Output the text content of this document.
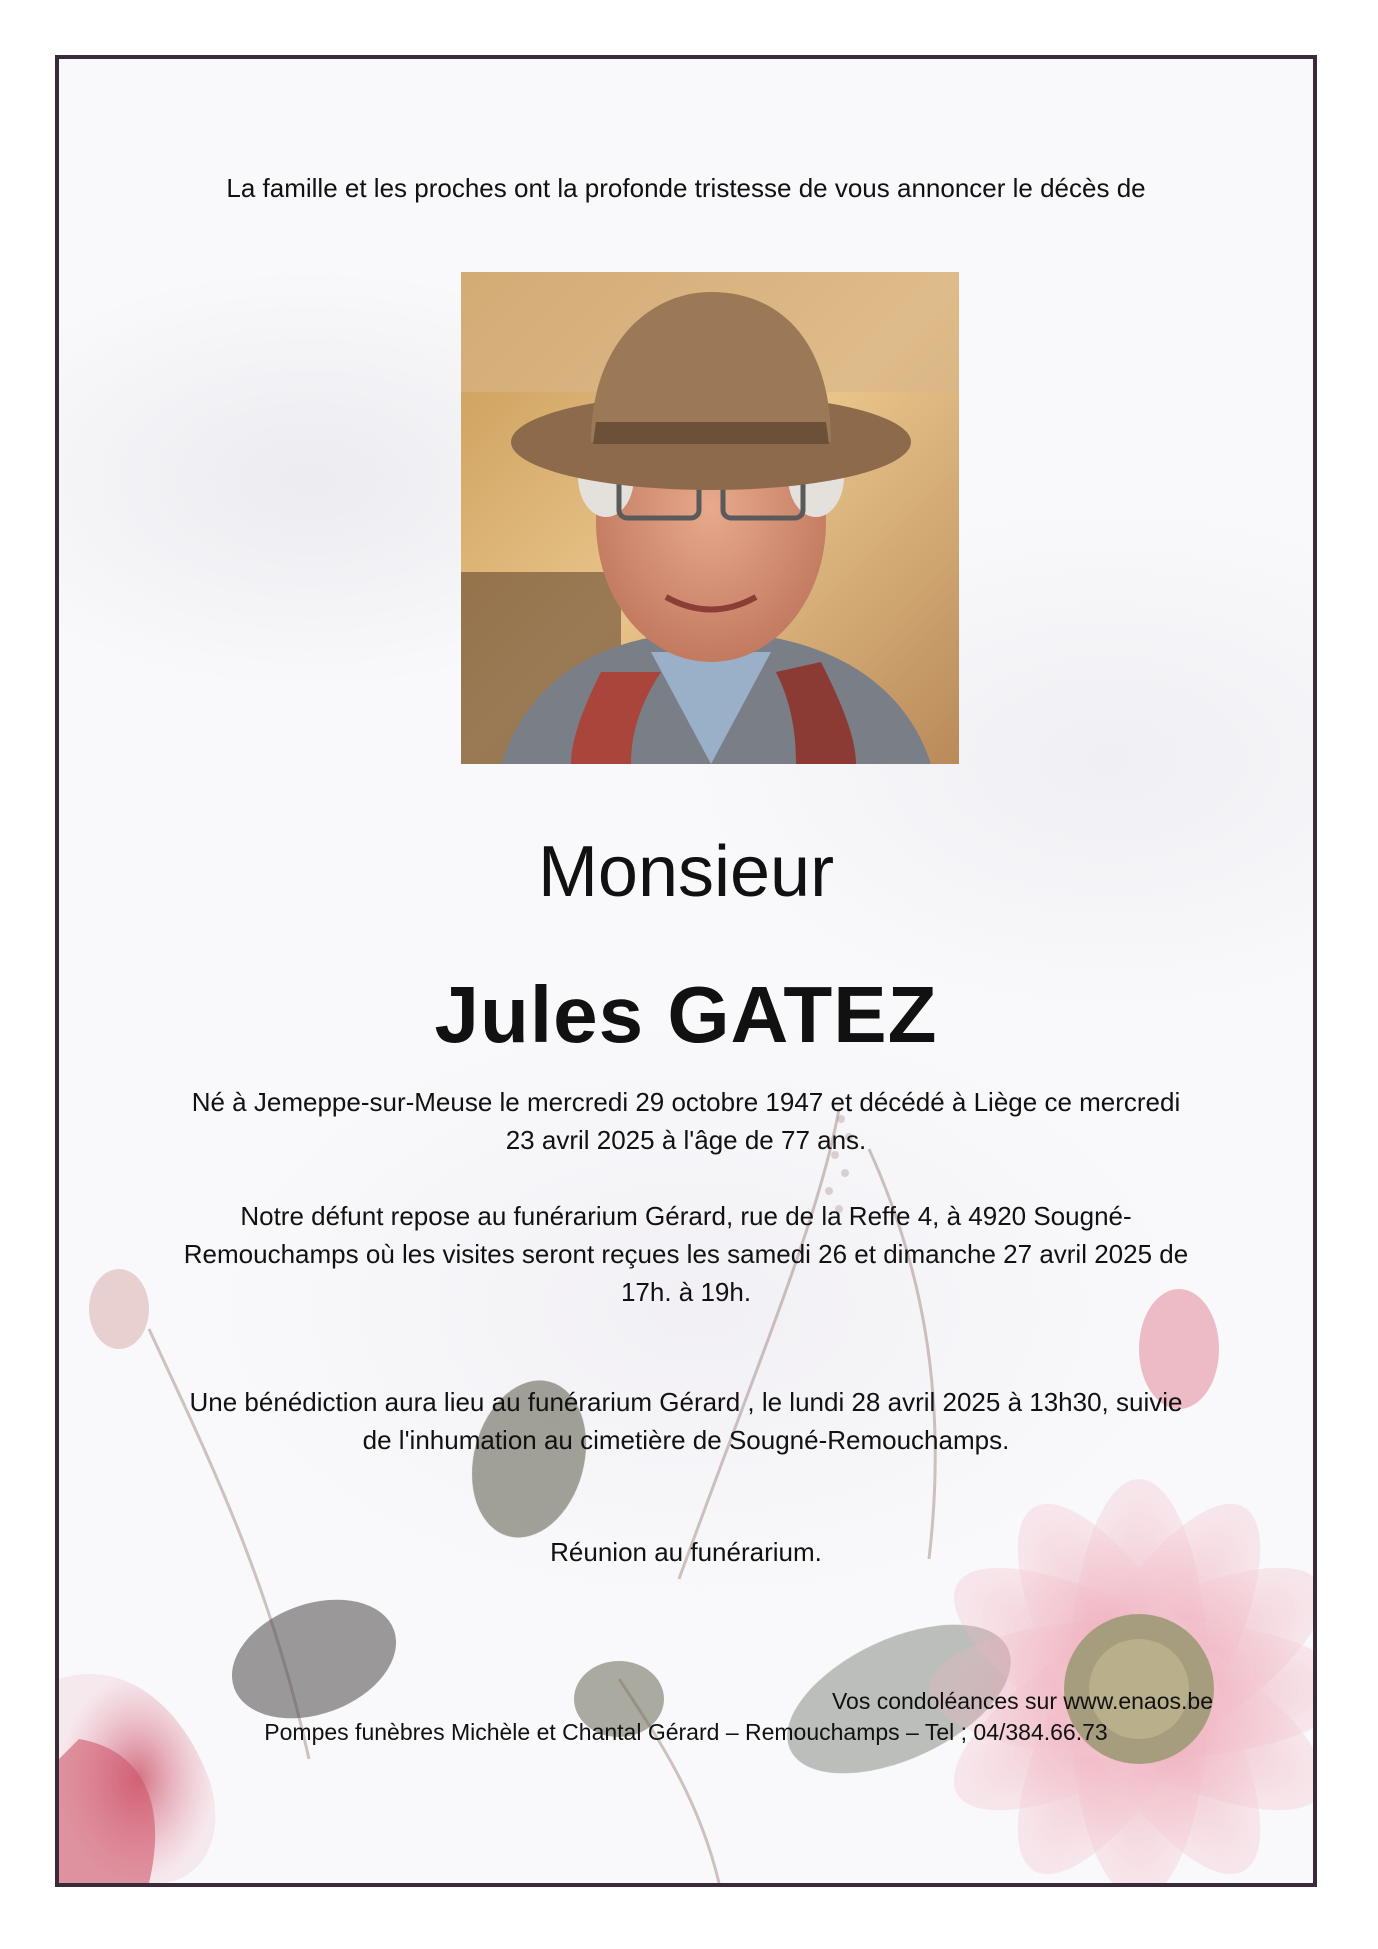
La famille et les proches ont la profonde tristesse de vous annoncer le décès de

Monsieur

Jules GATEZ

Né à Jemeppe-sur-Meuse le mercredi 29 octobre 1947 et décédé à Liège ce mercredi 23 avril 2025 à l'âge de 77 ans.

Notre défunt repose au funérarium Gérard, rue de la Reffe 4, à 4920 Sougné-Remouchamps où les visites seront reçues les samedi 26 et dimanche 27 avril 2025 de 17h. à 19h.

Une bénédiction aura lieu au funérarium Gérard , le lundi 28 avril 2025 à 13h30, suivie de l'inhumation au cimetière de Sougné-Remouchamps.

Réunion au funérarium.

Vos condoléances sur www.enaos.be

Pompes funèbres Michèle et Chantal Gérard – Remouchamps – Tel ; 04/384.66.73
